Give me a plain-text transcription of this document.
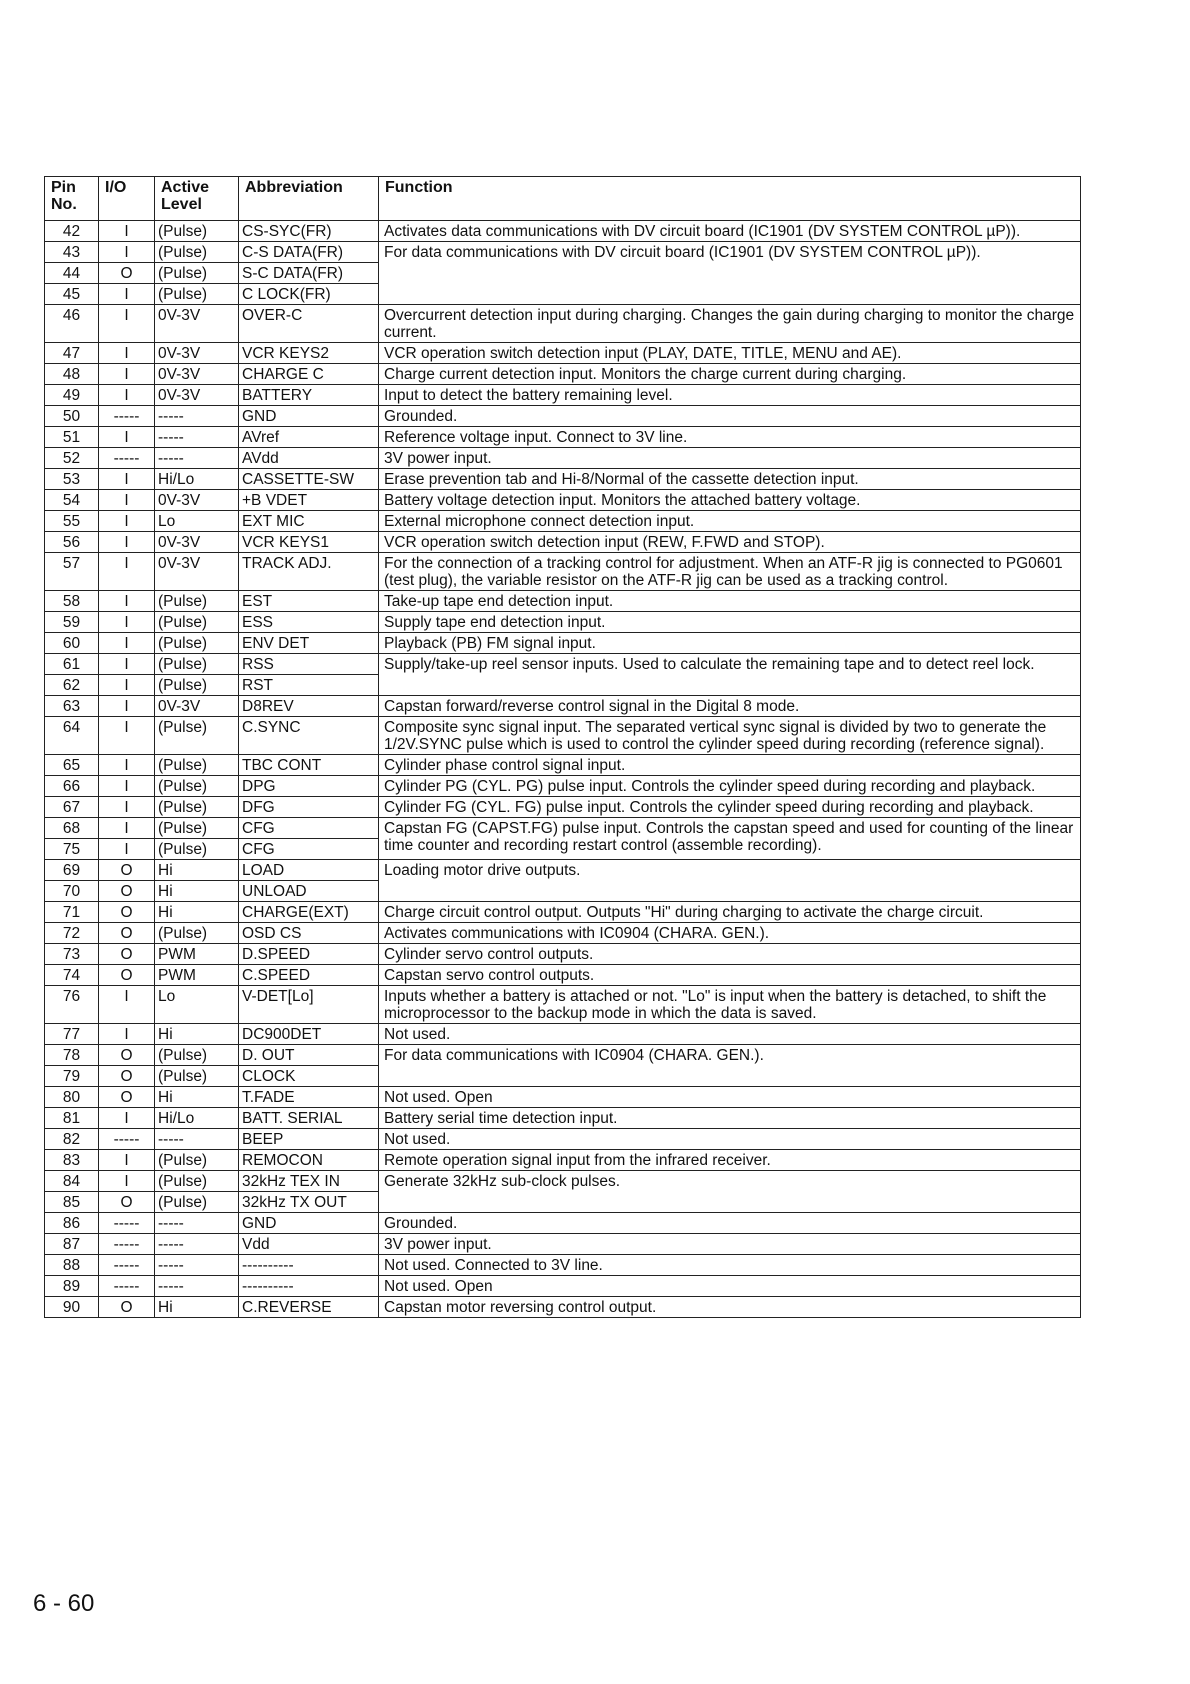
Pin No.	I/O	Active Level	Abbreviation	Function
42	I	(Pulse)	CS-SYC(FR)	Activates data communications with DV circuit board (IC1901 (DV SYSTEM CONTROL µP)).
43	I	(Pulse)	C-S DATA(FR)	For data communications with DV circuit board (IC1901 (DV SYSTEM CONTROL µP)).
44	O	(Pulse)	S-C DATA(FR)	
45	I	(Pulse)	C LOCK(FR)	
46	I	0V-3V	OVER-C	Overcurrent detection input during charging. Changes the gain during charging to monitor the charge current.
47	I	0V-3V	VCR KEYS2	VCR operation switch detection input (PLAY, DATE, TITLE, MENU and AE).
48	I	0V-3V	CHARGE C	Charge current detection input. Monitors the charge current during charging.
49	I	0V-3V	BATTERY	Input to detect the battery remaining level.
50	-----	-----	GND	Grounded.
51	I	-----	AVref	Reference voltage input. Connect to 3V line.
52	-----	-----	AVdd	3V power input.
53	I	Hi/Lo	CASSETTE-SW	Erase prevention tab and Hi-8/Normal of the cassette detection input.
54	I	0V-3V	+B VDET	Battery voltage detection input. Monitors the attached battery voltage.
55	I	Lo	EXT MIC	External microphone connect detection input.
56	I	0V-3V	VCR KEYS1	VCR operation switch detection input (REW, F.FWD and STOP).
57	I	0V-3V	TRACK ADJ.	For the connection of a tracking control for adjustment. When an ATF-R jig is connected to PG0601 (test plug), the variable resistor on the ATF-R jig can be used as a tracking control.
58	I	(Pulse)	EST	Take-up tape end detection input.
59	I	(Pulse)	ESS	Supply tape end detection input.
60	I	(Pulse)	ENV DET	Playback (PB) FM signal input.
61	I	(Pulse)	RSS	Supply/take-up reel sensor inputs. Used to calculate the remaining tape and to detect reel lock.
62	I	(Pulse)	RST	
63	I	0V-3V	D8REV	Capstan forward/reverse control signal in the Digital 8 mode.
64	I	(Pulse)	C.SYNC	Composite sync signal input. The separated vertical sync signal is divided by two to generate the 1/2V.SYNC pulse which is used to control the cylinder speed during recording (reference signal).
65	I	(Pulse)	TBC CONT	Cylinder phase control signal input.
66	I	(Pulse)	DPG	Cylinder PG (CYL. PG) pulse input. Controls the cylinder speed during recording and playback.
67	I	(Pulse)	DFG	Cylinder FG (CYL. FG) pulse input. Controls the cylinder speed during recording and playback.
68	I	(Pulse)	CFG	Capstan FG (CAPST.FG) pulse input. Controls the capstan speed and used for counting of the linear time counter and recording restart control (assemble recording).
75	I	(Pulse)	CFG	
69	O	Hi	LOAD	Loading motor drive outputs.
70	O	Hi	UNLOAD	
71	O	Hi	CHARGE(EXT)	Charge circuit control output. Outputs "Hi" during charging to activate the charge circuit.
72	O	(Pulse)	OSD CS	Activates communications with IC0904 (CHARA. GEN.).
73	O	PWM	D.SPEED	Cylinder servo control outputs.
74	O	PWM	C.SPEED	Capstan servo control outputs.
76	I	Lo	V-DET[Lo]	Inputs whether a battery is attached or not. "Lo" is input when the battery is detached, to shift the microprocessor to the backup mode in which the data is saved.
77	I	Hi	DC900DET	Not used.
78	O	(Pulse)	D. OUT	For data communications with IC0904 (CHARA. GEN.).
79	O	(Pulse)	CLOCK	
80	O	Hi	T.FADE	Not used. Open
81	I	Hi/Lo	BATT. SERIAL	Battery serial time detection input.
82	-----	-----	BEEP	Not used.
83	I	(Pulse)	REMOCON	Remote operation signal input from the infrared receiver.
84	I	(Pulse)	32kHz TEX IN	Generate 32kHz sub-clock pulses.
85	O	(Pulse)	32kHz TX OUT	
86	-----	-----	GND	Grounded.
87	-----	-----	Vdd	3V power input.
88	-----	-----	----------	Not used. Connected to 3V line.
89	-----	-----	----------	Not used. Open
90	O	Hi	C.REVERSE	Capstan motor reversing control output.
6 - 60
